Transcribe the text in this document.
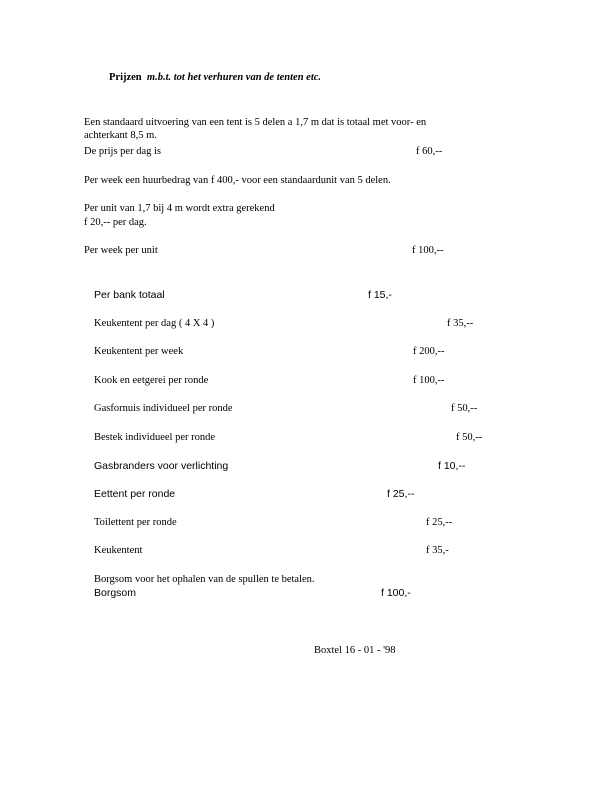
Prijzen m.b.t. tot het verhuren van de tenten etc.
Een standaard uitvoering van een tent is 5 delen a 1,7 m dat is totaal met voor- en
achterkant 8,5 m.
De prijs per dag is	f 60,--
Per week een huurbedrag van f 400,- voor een standaardunit van 5 delen.
Per unit van 1,7 bij 4 m wordt extra gerekend
f 20,-- per dag.
Per week per unit	f 100,--
Per bank totaal	f 15,-
Keukentent per dag ( 4 X 4 )	f 35,--
Keukentent per week	f 200,--
Kook en eetgerei per ronde	f 100,--
Gasfornuis individueel per ronde	f 50,--
Bestek individueel per ronde	f 50,--
Gasbranders voor verlichting	f 10,--
Eettent per ronde	f 25,--
Toilettent per ronde	f 25,--
Keukentent	f 35,-
Borgsom voor het ophalen van de spullen te betalen.
Borgsom	f 100,-
Boxtel 16 - 01 - '98
